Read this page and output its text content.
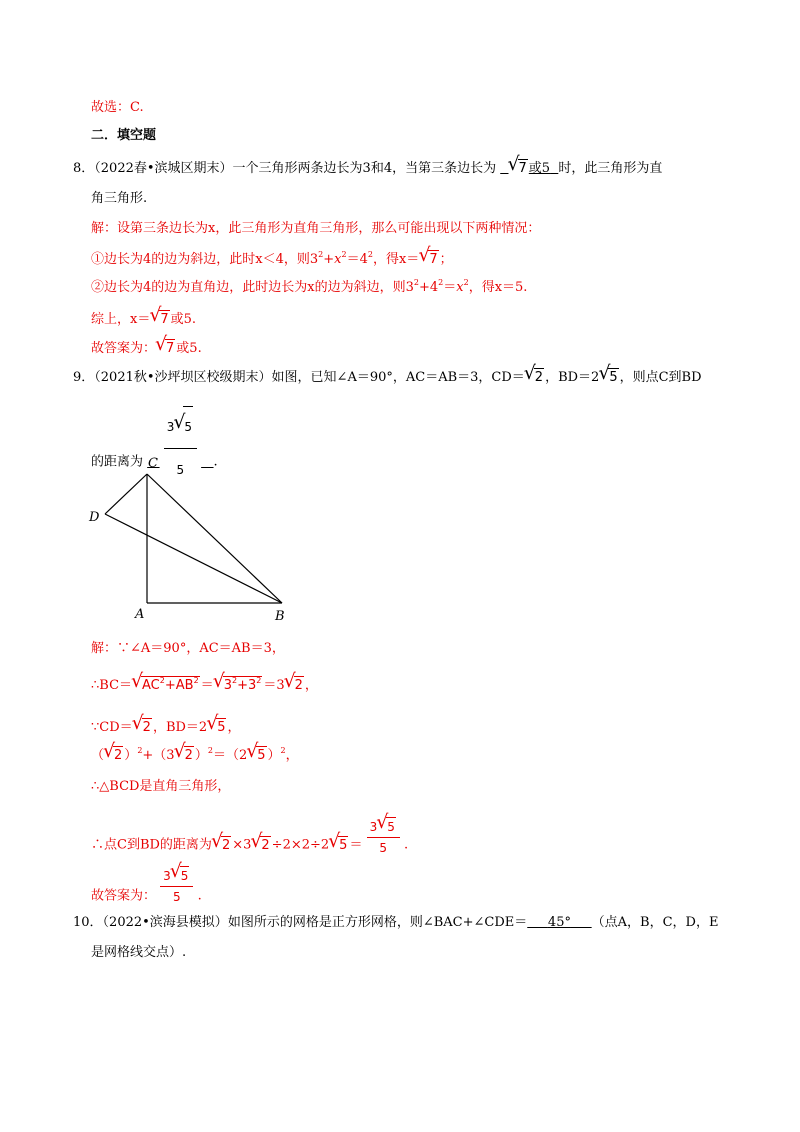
故选：C.
二．填空题
8．（2022春•滨城区期末）一个三角形两条边长为3和4，当第三条边长为   √ 7 或5 时，此三角形为直
角三角形.
解：设第三条边长为x，此三角形为直角三角形，那么可能出现以下两种情况：
①边长为4的边为斜边，此时x＜4，则$3^2+x^2=4^2$，得x＝√ 7 ；
②边长为4的边为直角边，此时边长为x的边为斜边，则$3^2+4^2=x^2$，得x＝5.
综上，x＝√ 7 或5.
故答案为：√ 7 或5.
9．（2021秋•沙坪坝区校级期末）如图，已知∠A＝90°，AC＝AB＝3，CD＝√ 2 ，BD＝2√ 5 ，则点C到BD
的距离为 $\frac{3√ 5}{5}$ .
C
D
A	B
解：∵∠A＝90°，AC＝AB＝3，
∴BC＝√ $AC^2+AB^2$ ＝√ $3^2+3^2 =3√$ 2 ，
∵CD＝√ 2 ，BD＝2√ 5 ，
（√ 2 ）$^2$+（3√ 2 ）$^2$＝（2√ 5 ）$^2$，
∴△BCD是直角三角形，
∴点C到BD的距离为√ 2 ×3√ 2 ÷2×2÷2√ $5 = \frac{3√ 5}{5}$ .
故答案为： $\frac{3√ 5}{5}$ .
10．（2022•滨海县模拟）如图所示的网格是正方形网格，则∠BAC+∠CDE＝ 45° （点A，B，C，D，E
是网格线交点）.
